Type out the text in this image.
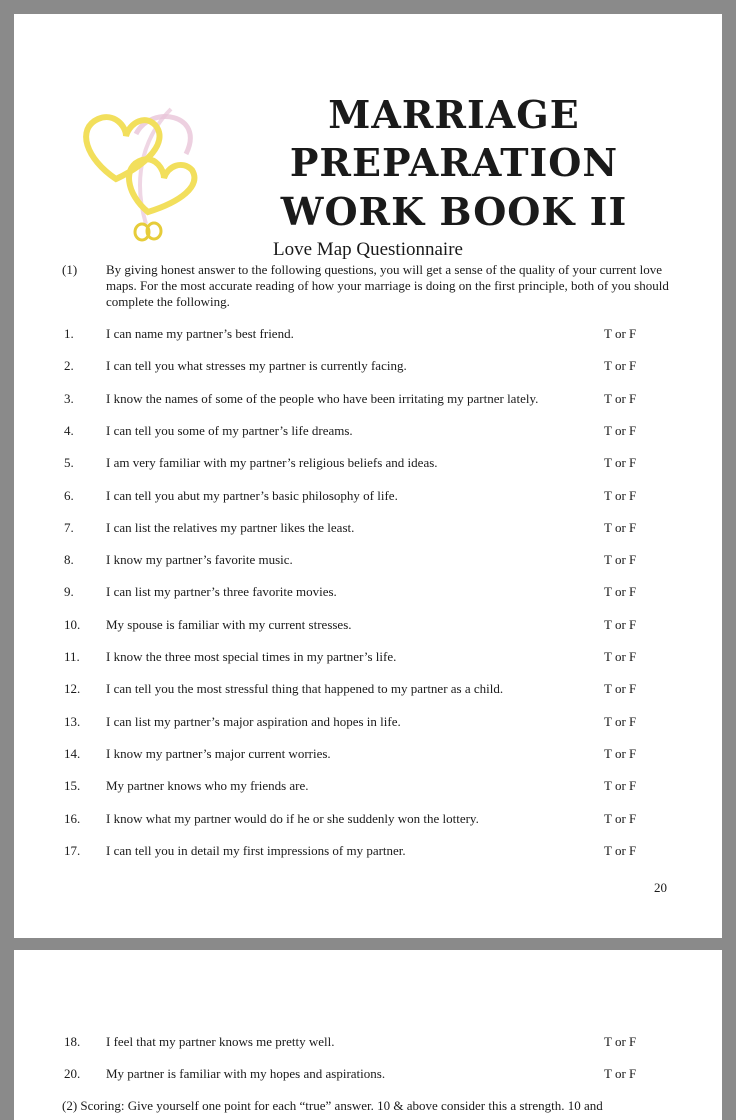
MARRIAGE
PREPARATION
WORK BOOK II
Love Map Questionnaire
(1) By giving honest answer to the following questions, you will get a sense of the quality of your current love maps. For the most accurate reading of how your marriage is doing on the first principle, both of you should complete the following.
1. I can name my partner’s best friend.	T or F
2. I can tell you what stresses my partner is currently facing.	T or F
3. I know the names of some of the people who have been irritating my partner lately.	T or F
4. I can tell you some of my partner’s life dreams.	T or F
5. I am very familiar with my partner’s religious beliefs and ideas.	T or F
6. I can tell you abut my partner’s basic philosophy of life.	T or F
7. I can list the relatives my partner likes the least.	T or F
8. I know my partner’s favorite music.	T or F
9. I can list my partner’s three favorite movies.	T or F
10. My spouse is familiar with my current stresses.	T or F
11. I know the three most special times in my partner’s life.	T or F
12. I can tell you the most stressful thing that happened to my partner as a child.	T or F
13. I can list my partner’s major aspiration and hopes in life.	T or F
14. I know my partner’s major current worries.	T or F
15. My partner knows who my friends are.	T or F
16. I know what my partner would do if he or she suddenly won the lottery.	T or F
17. I can tell you in detail my first impressions of my partner.	T or F
20
18. I feel that my partner knows me pretty well.	T or F
20. My partner is familiar with my hopes and aspirations.	T or F
(2) Scoring: Give yourself one point for each “true” answer. 10 & above consider this a strength. 10 and
